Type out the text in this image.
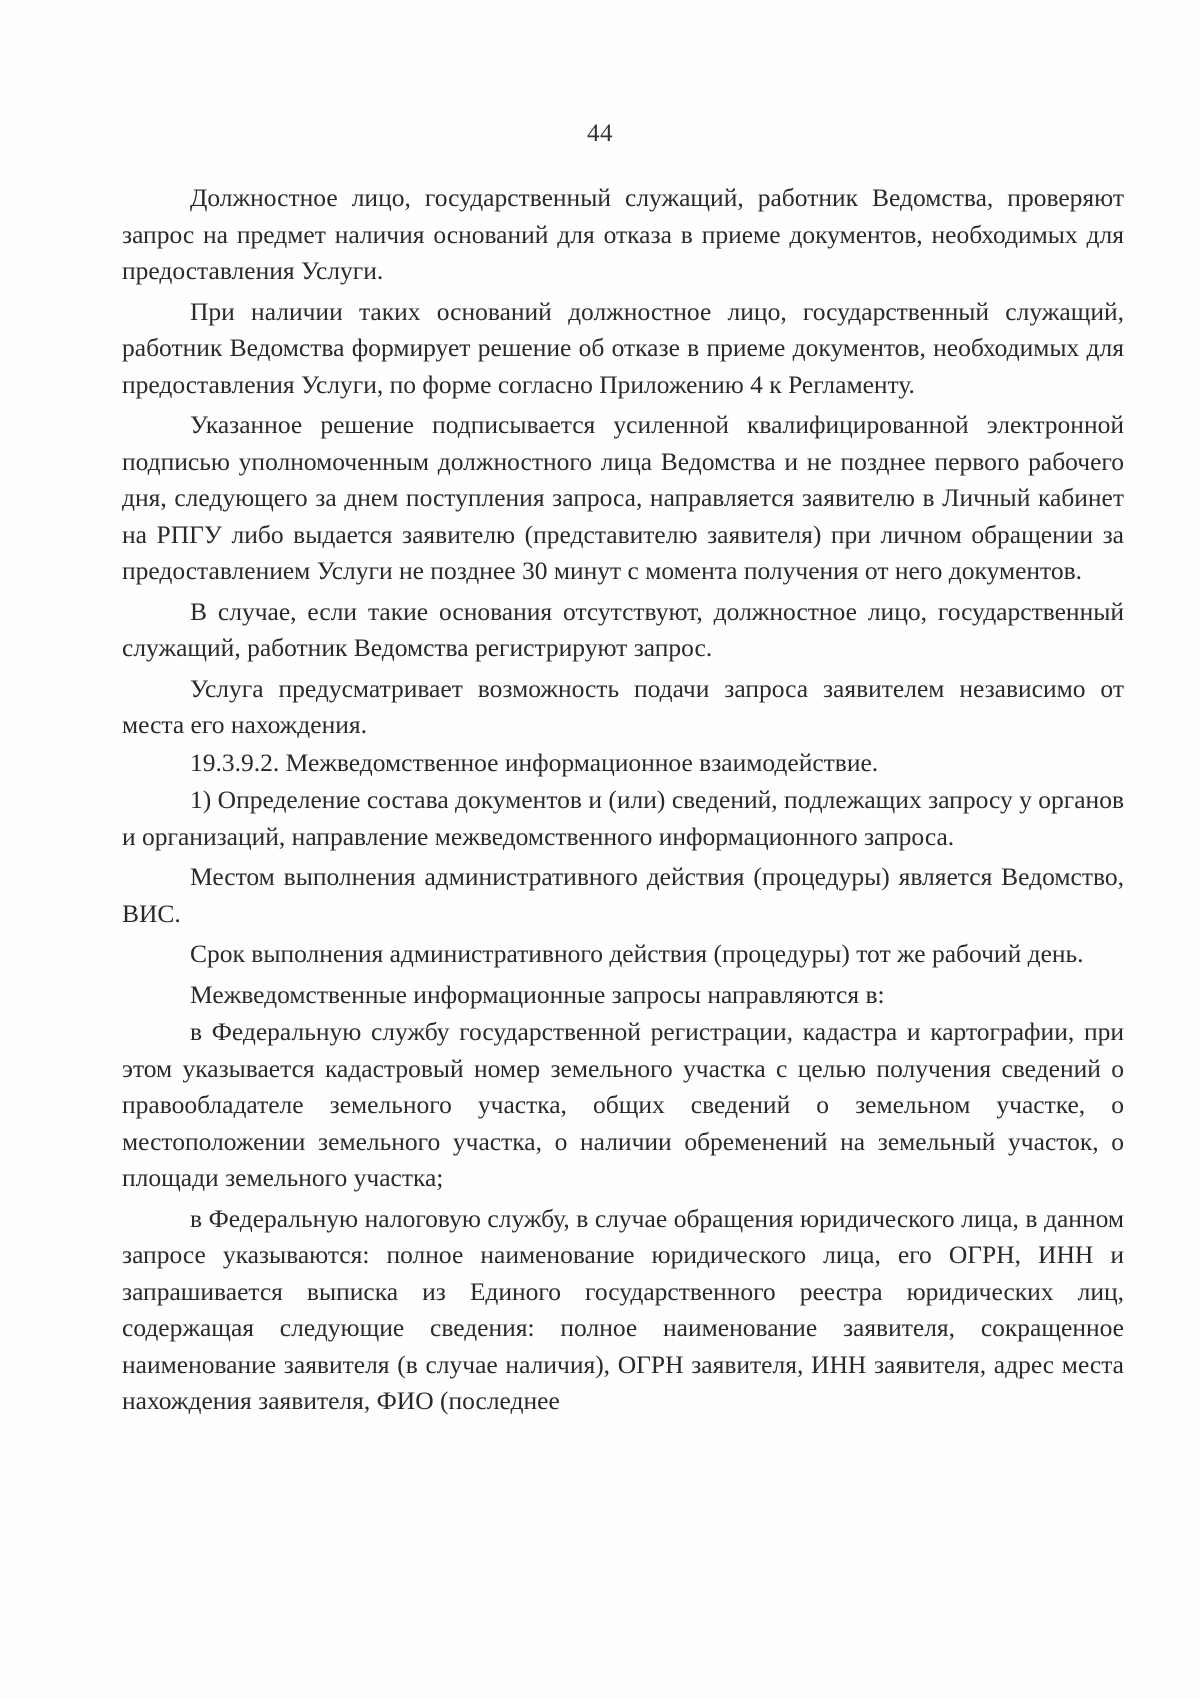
44

Должностное лицо, государственный служащий, работник Ведомства, проверяют запрос на предмет наличия оснований для отказа в приеме документов, необходимых для предоставления Услуги.

При наличии таких оснований должностное лицо, государственный служащий, работник Ведомства формирует решение об отказе в приеме документов, необходимых для предоставления Услуги, по форме согласно Приложению 4 к Регламенту.

Указанное решение подписывается усиленной квалифицированной электронной подписью уполномоченным должностного лица Ведомства и не позднее первого рабочего дня, следующего за днем поступления запроса, направляется заявителю в Личный кабинет на РПГУ либо выдается заявителю (представителю заявителя) при личном обращении за предоставлением Услуги не позднее 30 минут с момента получения от него документов.

В случае, если такие основания отсутствуют, должностное лицо, государственный служащий, работник Ведомства регистрируют запрос.

Услуга предусматривает возможность подачи запроса заявителем независимо от места его нахождения.

19.3.9.2. Межведомственное информационное взаимодействие.

1) Определение состава документов и (или) сведений, подлежащих запросу у органов и организаций, направление межведомственного информационного запроса.

Местом выполнения административного действия (процедуры) является Ведомство, ВИС.

Срок выполнения административного действия (процедуры) тот же рабочий день.

Межведомственные информационные запросы направляются в:

в Федеральную службу государственной регистрации, кадастра и картографии, при этом указывается кадастровый номер земельного участка с целью получения сведений о правообладателе земельного участка, общих сведений о земельном участке, о местоположении земельного участка, о наличии обременений на земельный участок, о площади земельного участка;

в Федеральную налоговую службу, в случае обращения юридического лица, в данном запросе указываются: полное наименование юридического лица, его ОГРН, ИНН и запрашивается выписка из Единого государственного реестра юридических лиц, содержащая следующие сведения: полное наименование заявителя, сокращенное наименование заявителя (в случае наличия), ОГРН заявителя, ИНН заявителя, адрес места нахождения заявителя, ФИО (последнее
